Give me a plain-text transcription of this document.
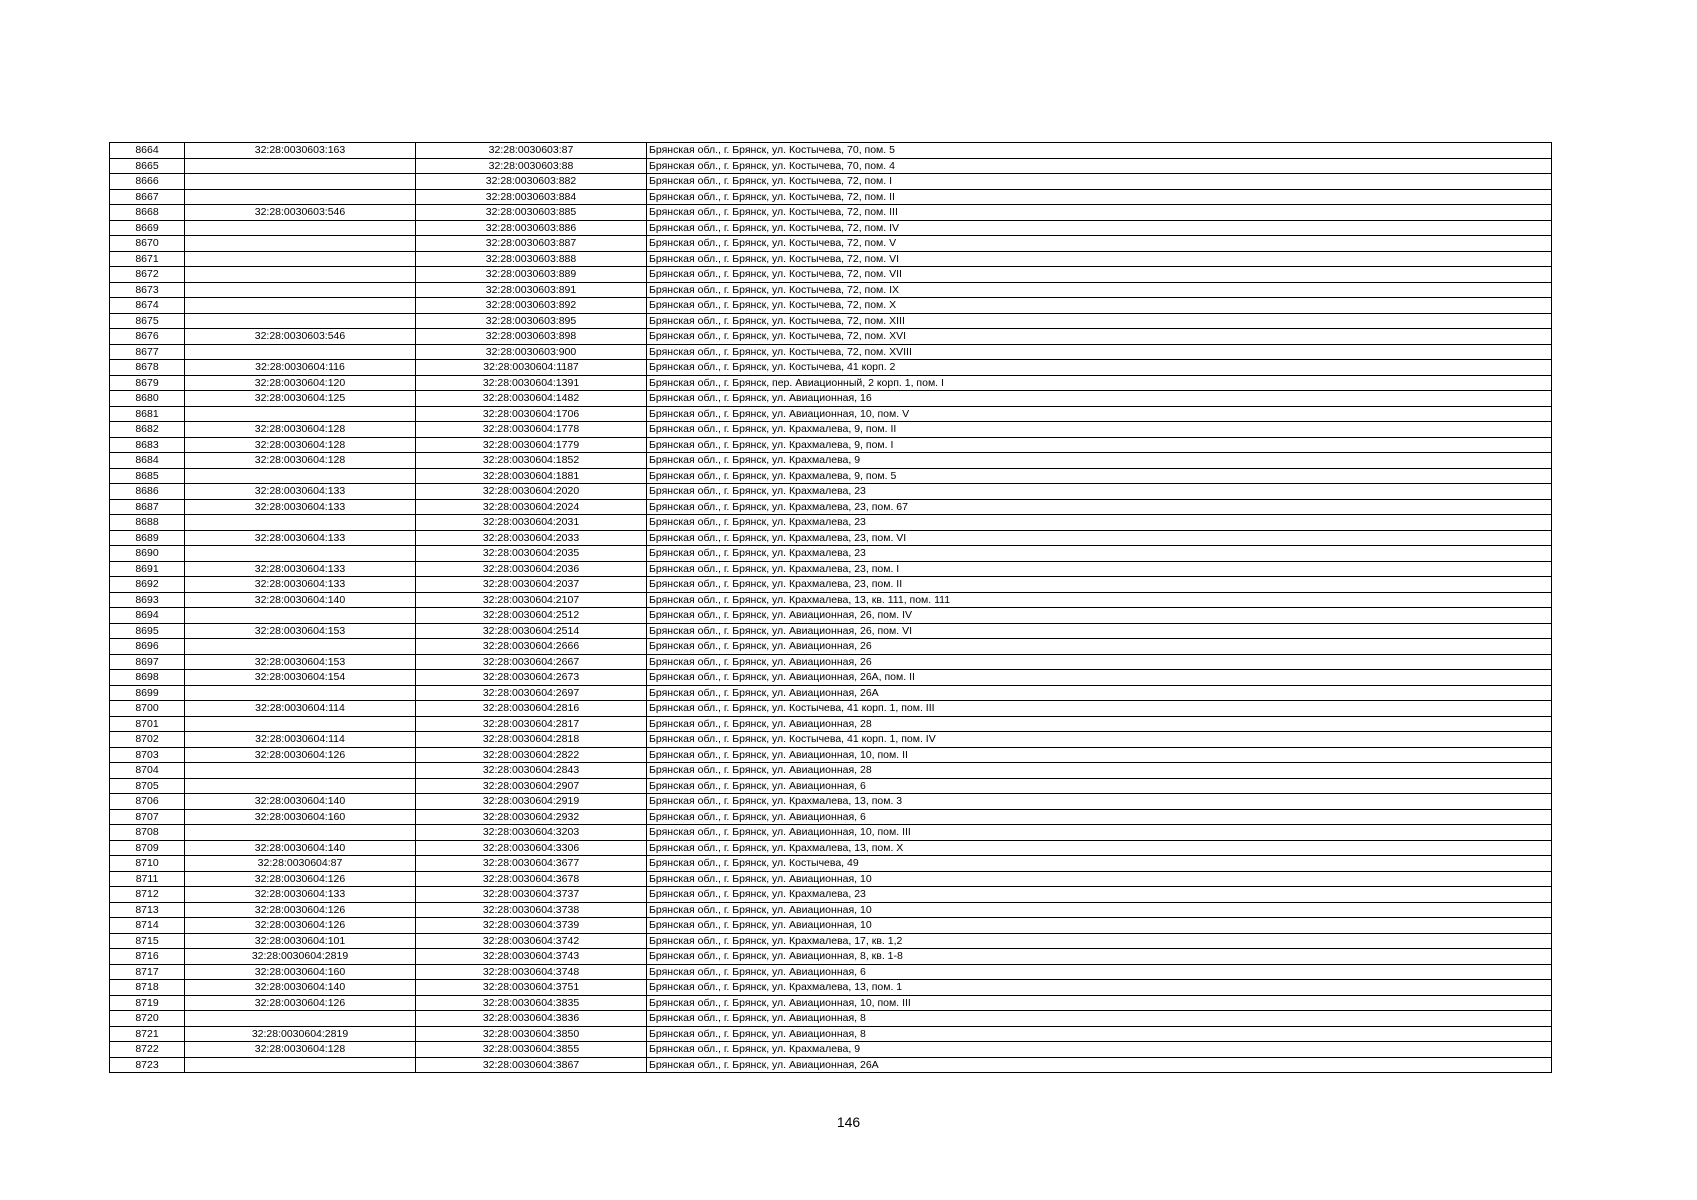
8664	32:28:0030603:163	32:28:0030603:87	Брянская обл., г. Брянск, ул. Костычева, 70, пом. 5
8665		32:28:0030603:88	Брянская обл., г. Брянск, ул. Костычева, 70, пом. 4
8666		32:28:0030603:882	Брянская обл., г. Брянск, ул. Костычева, 72, пом. I
8667		32:28:0030603:884	Брянская обл., г. Брянск, ул. Костычева, 72, пом. II
8668	32:28:0030603:546	32:28:0030603:885	Брянская обл., г. Брянск, ул. Костычева, 72, пом. III
8669		32:28:0030603:886	Брянская обл., г. Брянск, ул. Костычева, 72, пом. IV
8670		32:28:0030603:887	Брянская обл., г. Брянск, ул. Костычева, 72, пом. V
8671		32:28:0030603:888	Брянская обл., г. Брянск, ул. Костычева, 72, пом. VI
8672		32:28:0030603:889	Брянская обл., г. Брянск, ул. Костычева, 72, пом. VII
8673		32:28:0030603:891	Брянская обл., г. Брянск, ул. Костычева, 72, пом. IX
8674		32:28:0030603:892	Брянская обл., г. Брянск, ул. Костычева, 72, пом. X
8675		32:28:0030603:895	Брянская обл., г. Брянск, ул. Костычева, 72, пом. XIII
8676	32:28:0030603:546	32:28:0030603:898	Брянская обл., г. Брянск, ул. Костычева, 72, пом. XVI
8677		32:28:0030603:900	Брянская обл., г. Брянск, ул. Костычева, 72, пом. XVIII
8678	32:28:0030604:116	32:28:0030604:1187	Брянская обл., г. Брянск, ул. Костычева, 41 корп. 2
8679	32:28:0030604:120	32:28:0030604:1391	Брянская обл., г. Брянск, пер. Авиационный, 2 корп. 1, пом. I
8680	32:28:0030604:125	32:28:0030604:1482	Брянская обл., г. Брянск, ул. Авиационная, 16
8681		32:28:0030604:1706	Брянская обл., г. Брянск, ул. Авиационная, 10, пом. V
8682	32:28:0030604:128	32:28:0030604:1778	Брянская обл., г. Брянск, ул. Крахмалева, 9, пом. II
8683	32:28:0030604:128	32:28:0030604:1779	Брянская обл., г. Брянск, ул. Крахмалева, 9, пом. I
8684	32:28:0030604:128	32:28:0030604:1852	Брянская обл., г. Брянск, ул. Крахмалева, 9
8685		32:28:0030604:1881	Брянская обл., г. Брянск, ул. Крахмалева, 9, пом. 5
8686	32:28:0030604:133	32:28:0030604:2020	Брянская обл., г. Брянск, ул. Крахмалева, 23
8687	32:28:0030604:133	32:28:0030604:2024	Брянская обл., г. Брянск, ул. Крахмалева, 23, пом. 67
8688		32:28:0030604:2031	Брянская обл., г. Брянск, ул. Крахмалева, 23
8689	32:28:0030604:133	32:28:0030604:2033	Брянская обл., г. Брянск, ул. Крахмалева, 23, пом. VI
8690		32:28:0030604:2035	Брянская обл., г. Брянск, ул. Крахмалева, 23
8691	32:28:0030604:133	32:28:0030604:2036	Брянская обл., г. Брянск, ул. Крахмалева, 23, пом. I
8692	32:28:0030604:133	32:28:0030604:2037	Брянская обл., г. Брянск, ул. Крахмалева, 23, пом. II
8693	32:28:0030604:140	32:28:0030604:2107	Брянская обл., г. Брянск, ул. Крахмалева, 13, кв. 111, пом. 111
8694		32:28:0030604:2512	Брянская обл., г. Брянск, ул. Авиационная, 26, пом. IV
8695	32:28:0030604:153	32:28:0030604:2514	Брянская обл., г. Брянск, ул. Авиационная, 26, пом. VI
8696		32:28:0030604:2666	Брянская обл., г. Брянск, ул. Авиационная, 26
8697	32:28:0030604:153	32:28:0030604:2667	Брянская обл., г. Брянск, ул. Авиационная, 26
8698	32:28:0030604:154	32:28:0030604:2673	Брянская обл., г. Брянск, ул. Авиационная, 26А, пом. II
8699		32:28:0030604:2697	Брянская обл., г. Брянск, ул. Авиационная, 26А
8700	32:28:0030604:114	32:28:0030604:2816	Брянская обл., г. Брянск, ул. Костычева, 41 корп. 1, пом. III
8701		32:28:0030604:2817	Брянская обл., г. Брянск, ул. Авиационная, 28
8702	32:28:0030604:114	32:28:0030604:2818	Брянская обл., г. Брянск, ул. Костычева, 41 корп. 1, пом. IV
8703	32:28:0030604:126	32:28:0030604:2822	Брянская обл., г. Брянск, ул. Авиационная, 10, пом. II
8704		32:28:0030604:2843	Брянская обл., г. Брянск, ул. Авиационная, 28
8705		32:28:0030604:2907	Брянская обл., г. Брянск, ул. Авиационная, 6
8706	32:28:0030604:140	32:28:0030604:2919	Брянская обл., г. Брянск, ул. Крахмалева, 13, пом. 3
8707	32:28:0030604:160	32:28:0030604:2932	Брянская обл., г. Брянск, ул. Авиационная, 6
8708		32:28:0030604:3203	Брянская обл., г. Брянск, ул. Авиационная, 10, пом. III
8709	32:28:0030604:140	32:28:0030604:3306	Брянская обл., г. Брянск, ул. Крахмалева, 13, пом. X
8710	32:28:0030604:87	32:28:0030604:3677	Брянская обл., г. Брянск, ул. Костычева, 49
8711	32:28:0030604:126	32:28:0030604:3678	Брянская обл., г. Брянск, ул. Авиационная, 10
8712	32:28:0030604:133	32:28:0030604:3737	Брянская обл., г. Брянск, ул. Крахмалева, 23
8713	32:28:0030604:126	32:28:0030604:3738	Брянская обл., г. Брянск, ул. Авиационная, 10
8714	32:28:0030604:126	32:28:0030604:3739	Брянская обл., г. Брянск, ул. Авиационная, 10
8715	32:28:0030604:101	32:28:0030604:3742	Брянская обл., г. Брянск, ул. Крахмалева, 17, кв. 1,2
8716	32:28:0030604:2819	32:28:0030604:3743	Брянская обл., г. Брянск, ул. Авиационная, 8, кв. 1-8
8717	32:28:0030604:160	32:28:0030604:3748	Брянская обл., г. Брянск, ул. Авиационная, 6
8718	32:28:0030604:140	32:28:0030604:3751	Брянская обл., г. Брянск, ул. Крахмалева, 13, пом. 1
8719	32:28:0030604:126	32:28:0030604:3835	Брянская обл., г. Брянск, ул. Авиационная, 10, пом. III
8720		32:28:0030604:3836	Брянская обл., г. Брянск, ул. Авиационная, 8
8721	32:28:0030604:2819	32:28:0030604:3850	Брянская обл., г. Брянск, ул. Авиационная, 8
8722	32:28:0030604:128	32:28:0030604:3855	Брянская обл., г. Брянск, ул. Крахмалева, 9
8723		32:28:0030604:3867	Брянская обл., г. Брянск, ул. Авиационная, 26А
146
